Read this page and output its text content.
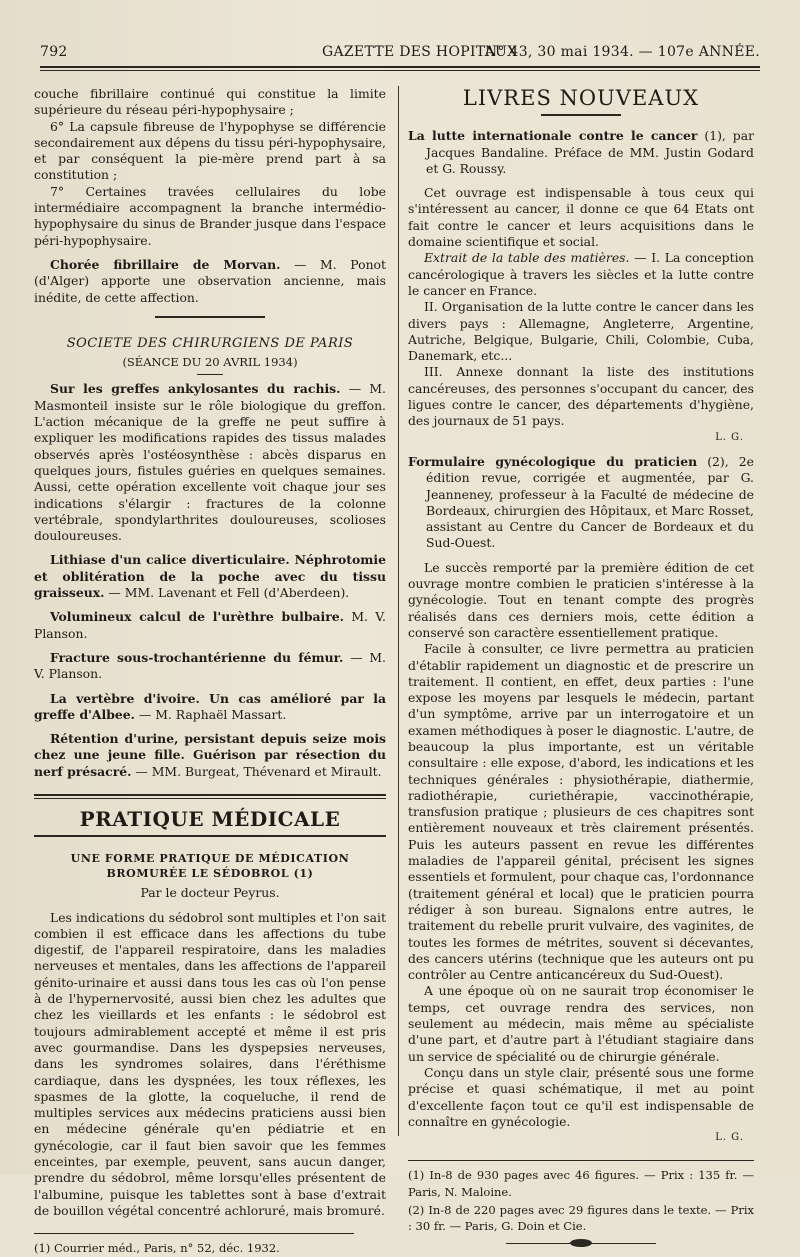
792	GAZETTE DES HOPITAUX
N° 43, 30 mai 1934. — 107e ANNÉE.

couche fibrillaire continué qui constitue la limite supérieure du réseau péri-hypophysaire ;

6° La capsule fibreuse de l'hypophyse se différencie secondairement aux dépens du tissu péri-hypophysaire, et par conséquent la pie-mère prend part à sa constitution ;

7° Certaines travées cellulaires du lobe intermédiaire accompagnent la branche intermédio-hypophysaire du sinus de Brander jusque dans l'espace péri-hypophysaire.

Chorée fibrillaire de Morvan. — M. Ponot (d'Alger) apporte une observation ancienne, mais inédite, de cette affection.

SOCIETE DES CHIRURGIENS DE PARIS

(SÉANCE DU 20 AVRIL 1934)

Sur les greffes ankylosantes du rachis. — M. Masmonteil insiste sur le rôle biologique du greffon. L'action mécanique de la greffe ne peut suffire à expliquer les modifications rapides des tissus malades observés après l'ostéosynthèse : abcès disparus en quelques jours, fistules guéries en quelques semaines. Aussi, cette opération excellente voit chaque jour ses indications s'élargir : fractures de la colonne vertébrale, spondylarthrites douloureuses, scolioses douloureuses.

Lithiase d'un calice diverticulaire. Néphrotomie et oblitération de la poche avec du tissu graisseux. — MM. Lavenant et Fell (d'Aberdeen).

Volumineux calcul de l'urèthre bulbaire. M. V. Planson.

Fracture sous-trochantérienne du fémur. — M. V. Planson.

La vertèbre d'ivoire. Un cas amélioré par la greffe d'Albee. — M. Raphaël Massart.

Rétention d'urine, persistant depuis seize mois chez une jeune fille. Guérison par résection du nerf présacré. — MM. Burgeat, Thévenard et Mirault.

PRATIQUE MÉDICALE

UNE FORME PRATIQUE DE MÉDICATION BROMURÉE LE SÉDOBROL (1)

Par le docteur Peyrus.

Les indications du sédobrol sont multiples et l'on sait combien il est efficace dans les affections du tube digestif, de l'appareil respiratoire, dans les maladies nerveuses et mentales, dans les affections de l'appareil génito-urinaire et aussi dans tous les cas où l'on pense à de l'hypernervosité, aussi bien chez les adultes que chez les vieillards et les enfants : le sédobrol est toujours admirablement accepté et même il est pris avec gourmandise. Dans les dyspepsies nerveuses, dans les syndromes solaires, dans l'éréthisme cardiaque, dans les dyspnées, les toux réflexes, les spasmes de la glotte, la coqueluche, il rend de multiples services aux médecins praticiens aussi bien en médecine générale qu'en pédiatrie et en gynécologie, car il faut bien savoir que les femmes enceintes, par exemple, peuvent, sans aucun danger, prendre du sédobrol, même lorsqu'elles présentent de l'albumine, puisque les tablettes sont à base d'extrait de bouillon végétal concentré achloruré, mais bromuré.

(1) Courrier méd., Paris, n° 52, déc. 1932.

LIVRES NOUVEAUX

La lutte internationale contre le cancer (1), par Jacques Bandaline. Préface de MM. Justin Godard et G. Roussy.

Cet ouvrage est indispensable à tous ceux qui s'intéressent au cancer, il donne ce que 64 Etats ont fait contre le cancer et leurs acquisitions dans le domaine scientifique et social.

Extrait de la table des matières. — I. La conception cancérologique à travers les siècles et la lutte contre le cancer en France.

II. Organisation de la lutte contre le cancer dans les divers pays : Allemagne, Angleterre, Argentine, Autriche, Belgique, Bulgarie, Chili, Colombie, Cuba, Danemark, etc...

III. Annexe donnant la liste des institutions cancéreuses, des personnes s'occupant du cancer, des ligues contre le cancer, des départements d'hygiène, des journaux de 51 pays.

L. G.

Formulaire gynécologique du praticien (2), 2e édition revue, corrigée et augmentée, par G. Jeanneney, professeur à la Faculté de médecine de Bordeaux, chirurgien des Hôpitaux, et Marc Rosset, assistant au Centre du Cancer de Bordeaux et du Sud-Ouest.

Le succès remporté par la première édition de cet ouvrage montre combien le praticien s'intéresse à la gynécologie. Tout en tenant compte des progrès réalisés dans ces derniers mois, cette édition a conservé son caractère essentiellement pratique.

Facile à consulter, ce livre permettra au praticien d'établir rapidement un diagnostic et de prescrire un traitement. Il contient, en effet, deux parties : l'une expose les moyens par lesquels le médecin, partant d'un symptôme, arrive par un interrogatoire et un examen méthodiques à poser le diagnostic. L'autre, de beaucoup la plus importante, est un véritable consultaire : elle expose, d'abord, les indications et les techniques générales : physiothérapie, diathermie, radiothérapie, curiethérapie, vaccinothérapie, transfusion pratique ; plusieurs de ces chapitres sont entièrement nouveaux et très clairement présentés. Puis les auteurs passent en revue les différentes maladies de l'appareil génital, précisent les signes essentiels et formulent, pour chaque cas, l'ordonnance (traitement général et local) que le praticien pourra rédiger à son bureau. Signalons entre autres, le traitement du rebelle prurit vulvaire, des vaginites, de toutes les formes de métrites, souvent si décevantes, des cancers utérins (technique que les auteurs ont pu contrôler au Centre anticancéreux du Sud-Ouest).

A une époque où on ne saurait trop économiser le temps, cet ouvrage rendra des services, non seulement au médecin, mais même au spécialiste d'une part, et d'autre part à l'étudiant stagiaire dans un service de spécialité ou de chirurgie générale.

Conçu dans un style clair, présenté sous une forme précise et quasi schématique, il met au point d'excellente façon tout ce qu'il est indispensable de connaître en gynécologie.

L. G.

(1) In-8 de 930 pages avec 46 figures. — Prix : 135 fr. — Paris, N. Maloine.

(2) In-8 de 220 pages avec 29 figures dans le texte. — Prix : 30 fr. — Paris, G. Doin et Cie.
